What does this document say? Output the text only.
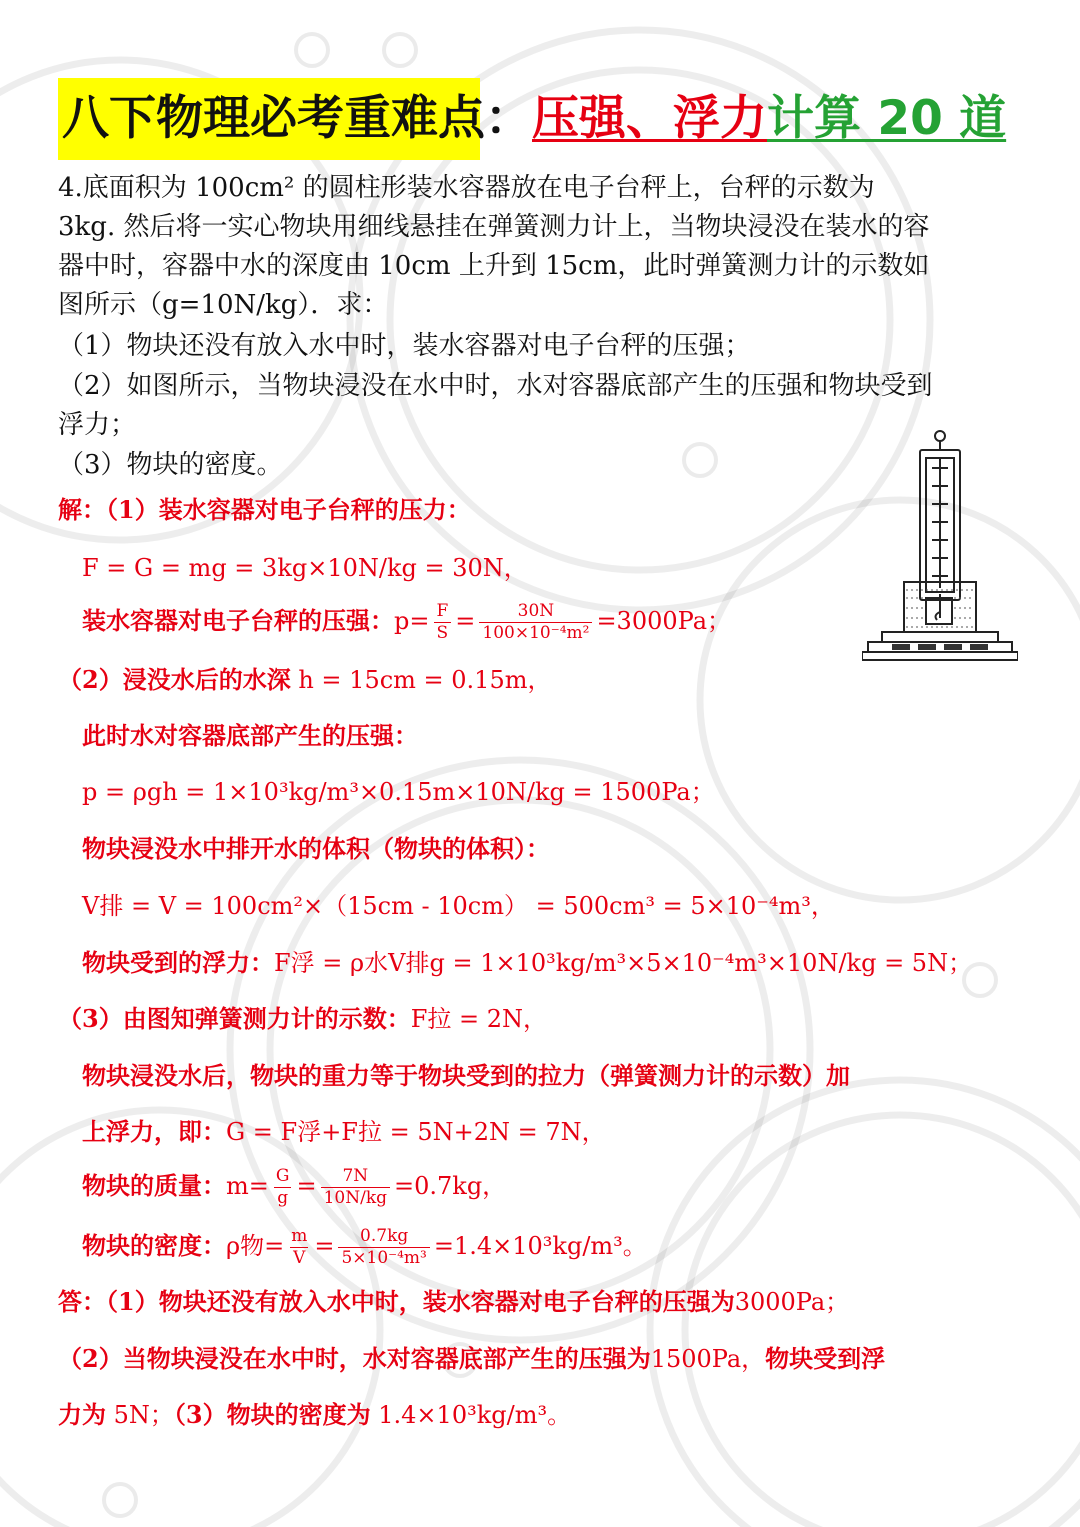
八下物理必考重难点：压强、浮力计算 20 道
4.底面积为 100cm² 的圆柱形装水容器放在电子台秤上，台秤的示数为
3kg. 然后将一实心物块用细线悬挂在弹簧测力计上，当物块浸没在装水的容
器中时，容器中水的深度由 10cm 上升到 15cm，此时弹簧测力计的示数如
图所示（g=10N/kg）．求：
（1）物块还没有放入水中时，装水容器对电子台秤的压强；
（2）如图所示，当物块浸没在水中时，水对容器底部产生的压强和物块受到
浮力；
（3）物块的密度。
解：（1）装水容器对电子台秤的压力：
F = G = mg = 3kg×10N/kg = 30N，
装水容器对电子台秤的压强：$p= \frac{F}{S} = \frac{30N}{\text{100×10⁻⁴m²}} =3000Pa$；
（2）浸没水后的水深 h = 15cm = 0.15m，
此时水对容器底部产生的压强：
p = ρgh = 1×10³kg/m³×0.15m×10N/kg = 1500Pa；
物块浸没水中排开水的体积（物块的体积）：
V排 = V = 100cm²×（15cm - 10cm） = 500cm³ = 5×10⁻⁴m³，
物块受到的浮力：F浮 = ρ水V排g = 1×10³kg/m³×5×10⁻⁴m³×10N/kg = 5N；
（3）由图知弹簧测力计的示数：F拉 = 2N，
物块浸没水后，物块的重力等于物块受到的拉力（弹簧测力计的示数）加
上浮力，即：G = F浮+F拉 = 5N+2N = 7N，
物块的质量：$m= \frac{G}{g} = \frac{7N}{10N/kg} =0.7kg$，
物块的密度：ρ物= $\frac{m}{V} = \frac{0.7kg}{\text{5×10⁻⁴m³}} =1.4\times 10^3kg/m^3$。
答：（1）物块还没有放入水中时，装水容器对电子台秤的压强为3000Pa；
（2）当物块浸没在水中时，水对容器底部产生的压强为1500Pa，物块受到浮
力为 5N；（3）物块的密度为 1.4×10³kg/m³。
